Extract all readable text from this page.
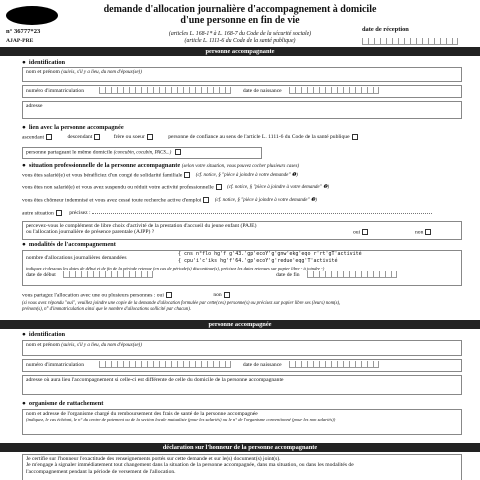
n° 36777*23
AJAP-PRE
demande d'allocation journalière d'accompagnement à domicile
d'une personne en fin de vie
(articles L. 168-1* à L. 168-7 du Code de la sécurité sociale)
(article L. 1111-6 du Code de la santé publique)
date de réception
personne accompagnante
● identification
nom et prénom (suivis, s'il y a lieu, du nom d'époux(se))
numéro d'immatriculation	date de naissance
adresse
● lien avec la personne accompagnée
ascendant	descendant	frère ou soeur	personne de confiance au sens de l'article L. 1111-6 du Code de la santé publique
personne partageant le même domicile (concubin, cocubin, PACS...)
● situation professionnelle de la personne accompagnante (selon votre situation, vous pouvez cocher plusieurs cases)
vous êtes salarié(e) et vous bénéficiez d'un congé de solidarité familiale	(cf. notice, § "pièce à joindre à votre demande" ❶)
vous êtes non salarié(e) et vous avez suspendu ou réduit votre activité professionnelle	(cf. notice, § "pièce à joindre à votre demande" ❷)
vous êtes chômeur indemnisé et vous avez cessé toute recherche active d'emploi	(cf. notice, § "pièce à joindre à votre demande" ❸)
autre situation	précisez :
percevez-vous le complément de libre choix d'activité de la prestation d'accueil du jeune enfant (PAJE)
ou l'allocation journalière de présence parentale (AJPP) ?	oui	non
● modalités de l'accompagnement
nombre d'allocations journalières demandées
{ cns n°flo hg'f g'43.'gp'ecoY'g'gnw'ekg'eqo r'rt'gT'activité
{ cpu'i'c'iks hg'f'64.'gp'ecoY'g'redue'eqg'T'activité
indiquez ci-dessous les dates de début et de fin de la période retenue (en cas de période(s) discontinue(s), précisez les dates retenues sur papier libre - à joindre -)
date de début	date de fin
vous partagez l'allocation avec une ou plusieurs personnes : oui	non
(si vous avez répondu "oui", veuillez joindre une copie de la demande d'allocation formulée par cette(ces) personne(s) ou précisez sur papier libre ses (leurs) nom(s),
prénom(s), n° d'immatriculation ainsi que le nombre d'allocations sollicité par chacun).
personne accompagnée
● identification
nom et prénom (suivis, s'il y a lieu, du nom d'époux(se))
numéro d'immatriculation	date de naissance
adresse où aura lieu l'accompagnement si celle-ci est différente de celle du domicile de la personne accompagnante
● organisme de rattachement
nom et adresse de l'organisme chargé du remboursement des frais de santé de la personne accompagnée
(indiquez, le cas échéant, le n° du centre de paiement ou de la section locale mutualiste (pour les salariés) ou le n° de l'organisme conventionné (pour les non salariés))
déclaration sur l'honneur de la personne accompagnante
Je certifie sur l'honneur l'exactitude des renseignements portés sur cette demande et sur le(s) document(s) joint(s).
Je m'engage à signaler immédiatement tout changement dans la situation de la personne accompagnée, dans ma situation, ou dans les modalités de
l'accompagnement pendant la période de versement de l'allocation.
